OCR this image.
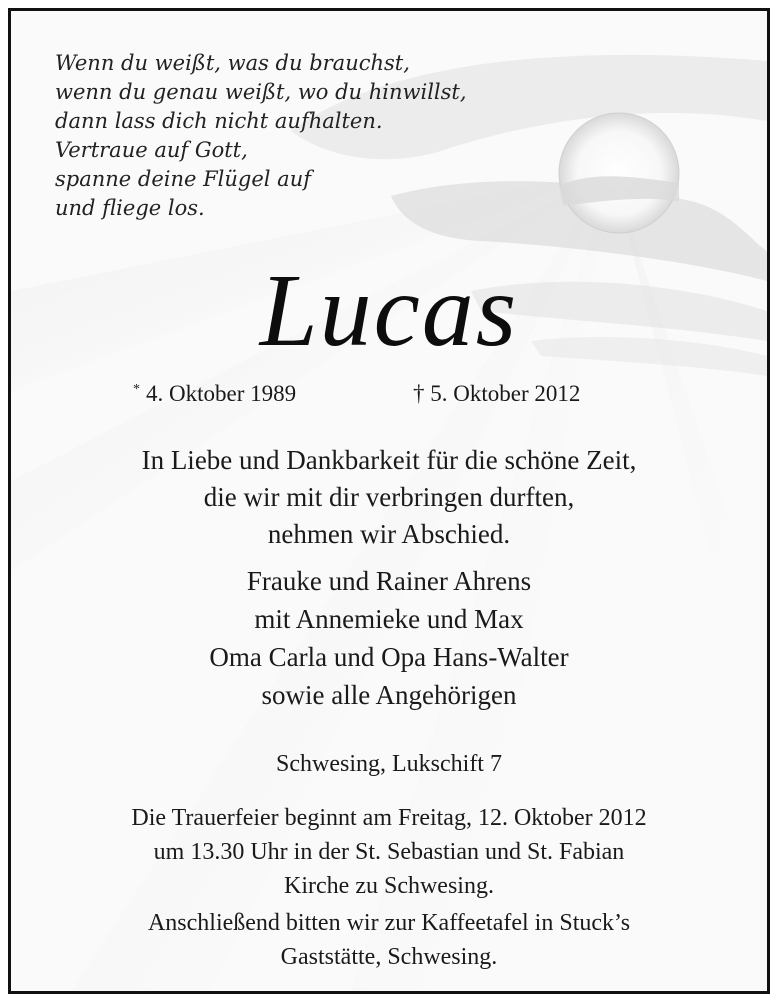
Wenn du weißt, was du brauchst,
wenn du genau weißt, wo du hinwillst,
dann lass dich nicht aufhalten.
Vertraue auf Gott,
spanne deine Flügel auf
und fliege los.
Lucas
* 4. Oktober 1989	† 5. Oktober 2012
In Liebe und Dankbarkeit für die schöne Zeit,
die wir mit dir verbringen durften,
nehmen wir Abschied.
Frauke und Rainer Ahrens
mit Annemieke und Max
Oma Carla und Opa Hans-Walter
sowie alle Angehörigen
Schwesing, Lukschift 7
Die Trauerfeier beginnt am Freitag, 12. Oktober 2012
um 13.30 Uhr in der St. Sebastian und St. Fabian
Kirche zu Schwesing.
Anschließend bitten wir zur Kaffeetafel in Stuck’s
Gaststätte, Schwesing.
